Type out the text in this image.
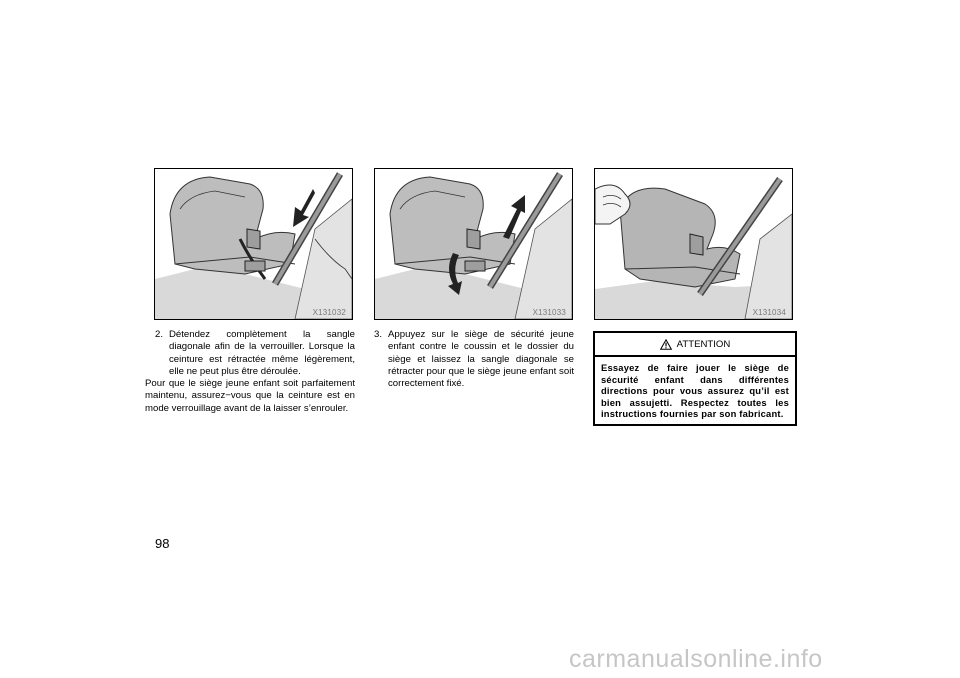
X131032	X131033	X131034
2. Détendez complètement la sangle diagonale afin de la verrouiller. Lorsque la ceinture est rétractée même légèrement, elle ne peut plus être déroulée.
Pour que le siège jeune enfant soit parfaitement maintenu, assurez−vous que la ceinture est en mode verrouillage avant de la laisser s’enrouler.
3. Appuyez sur le siège de sécurité jeune enfant contre le coussin et le dossier du siège et laissez la sangle diagonale se rétracter pour que le siège jeune enfant soit correctement fixé.
ATTENTION
Essayez de faire jouer le siège de sécurité enfant dans différentes directions pour vous assurez qu’il est bien assujetti. Respectez toutes les instructions fournies par son fabricant.
98
carmanualsonline.info
